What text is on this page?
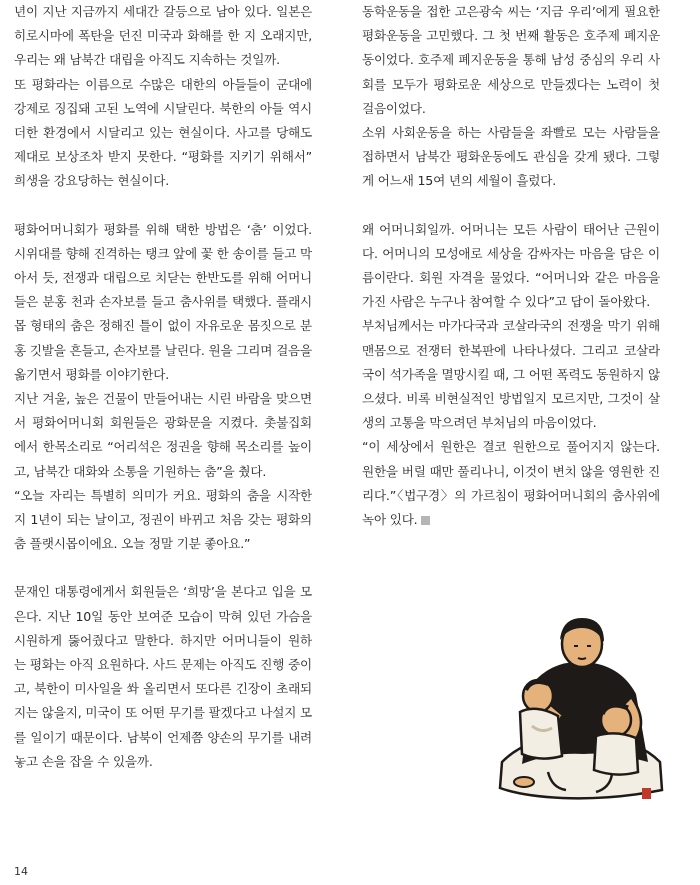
년이 지난 지금까지 세대간 갈등으로 남아 있다. 일본은 히로시마에 폭탄을 던진 미국과 화해를 한 지 오래지만, 우리는 왜 남북간 대립을 아직도 지속하는 것일까.

또 평화라는 이름으로 수많은 대한의 아들들이 군대에 강제로 징집돼 고된 노역에 시달린다. 북한의 아들 역시 더한 환경에서 시달리고 있는 현실이다. 사고를 당해도 제대로 보상조차 받지 못한다. “평화를 지키기 위해서” 희생을 강요당하는 현실이다.

평화어머니회가 평화를 위해 택한 방법은 ‘춤’ 이었다. 시위대를 향해 진격하는 탱크 앞에 꽃 한 송이를 들고 막아서 듯, 전쟁과 대립으로 치닫는 한반도를 위해 어머니들은 분홍 천과 손자보를 들고 춤사위를 택했다. 플래시몹 형태의 춤은 정해진 틀이 없이 자유로운 몸짓으로 분홍 깃발을 흔들고, 손자보를 날린다. 원을 그리며 걸음을 옮기면서 평화를 이야기한다.

지난 겨울, 높은 건물이 만들어내는 시린 바람을 맞으면서 평화어머니회 회원들은 광화문을 지켰다. 촛불집회에서 한목소리로 “어리석은 정권을 향해 목소리를 높이고, 남북간 대화와 소통을 기원하는 춤”을 췄다.

“오늘 자리는 특별히 의미가 커요. 평화의 춤을 시작한 지 1년이 되는 날이고, 정권이 바뀌고 처음 갖는 평화의 춤 플랫시몹이에요. 오늘 정말 기분 좋아요.”

문재인 대통령에게서 회원들은 ‘희망’을 본다고 입을 모은다. 지난 10일 동안 보여준 모습이 막혀 있던 가슴을 시원하게 뚫어줬다고 말한다. 하지만 어머니들이 원하는 평화는 아직 요원하다. 사드 문제는 아직도 진행 중이고, 북한이 미사일을 쏴 올리면서 또다른 긴장이 초래되지는 않을지, 미국이 또 어떤 무기를 팔겠다고 나설지 모를 일이기 때문이다. 남북이 언제쯤 양손의 무기를 내려놓고 손을 잡을 수 있을까.

동학운동을 접한 고은광숙 씨는 ‘지금 우리’에게 필요한 평화운동을 고민했다. 그 첫 번째 활동은 호주제 폐지운동이었다. 호주제 폐지운동을 통해 남성 중심의 우리 사회를 모두가 평화로운 세상으로 만들겠다는 노력이 첫 걸음이었다.

소위 사회운동을 하는 사람들을 좌빨로 모는 사람들을 접하면서 남북간 평화운동에도 관심을 갖게 됐다. 그렇게 어느새 15여 년의 세월이 흘렀다.

왜 어머니회일까. 어머니는 모든 사람이 태어난 근원이다. 어머니의 모성애로 세상을 감싸자는 마음을 담은 이름이란다. 회원 자격을 물었다. “어머니와 같은 마음을 가진 사람은 누구나 참여할 수 있다”고 답이 돌아왔다.

부처님께서는 마가다국과 코살라국의 전쟁을 막기 위해 맨몸으로 전쟁터 한복판에 나타나셨다. 그리고 코살라국이 석가족을 멸망시킬 때, 그 어떤 폭력도 동원하지 않으셨다. 비록 비현실적인 방법일지 모르지만, 그것이 살생의 고통을 막으려던 부처님의 마음이었다.

“이 세상에서 원한은 결코 원한으로 풀어지지 않는다. 원한을 버릴 때만 풀리나니, 이것이 변치 않을 영원한 진리다.”〈법구경〉의 가르침이 평화어머니회의 춤사위에 녹아 있다.

14
